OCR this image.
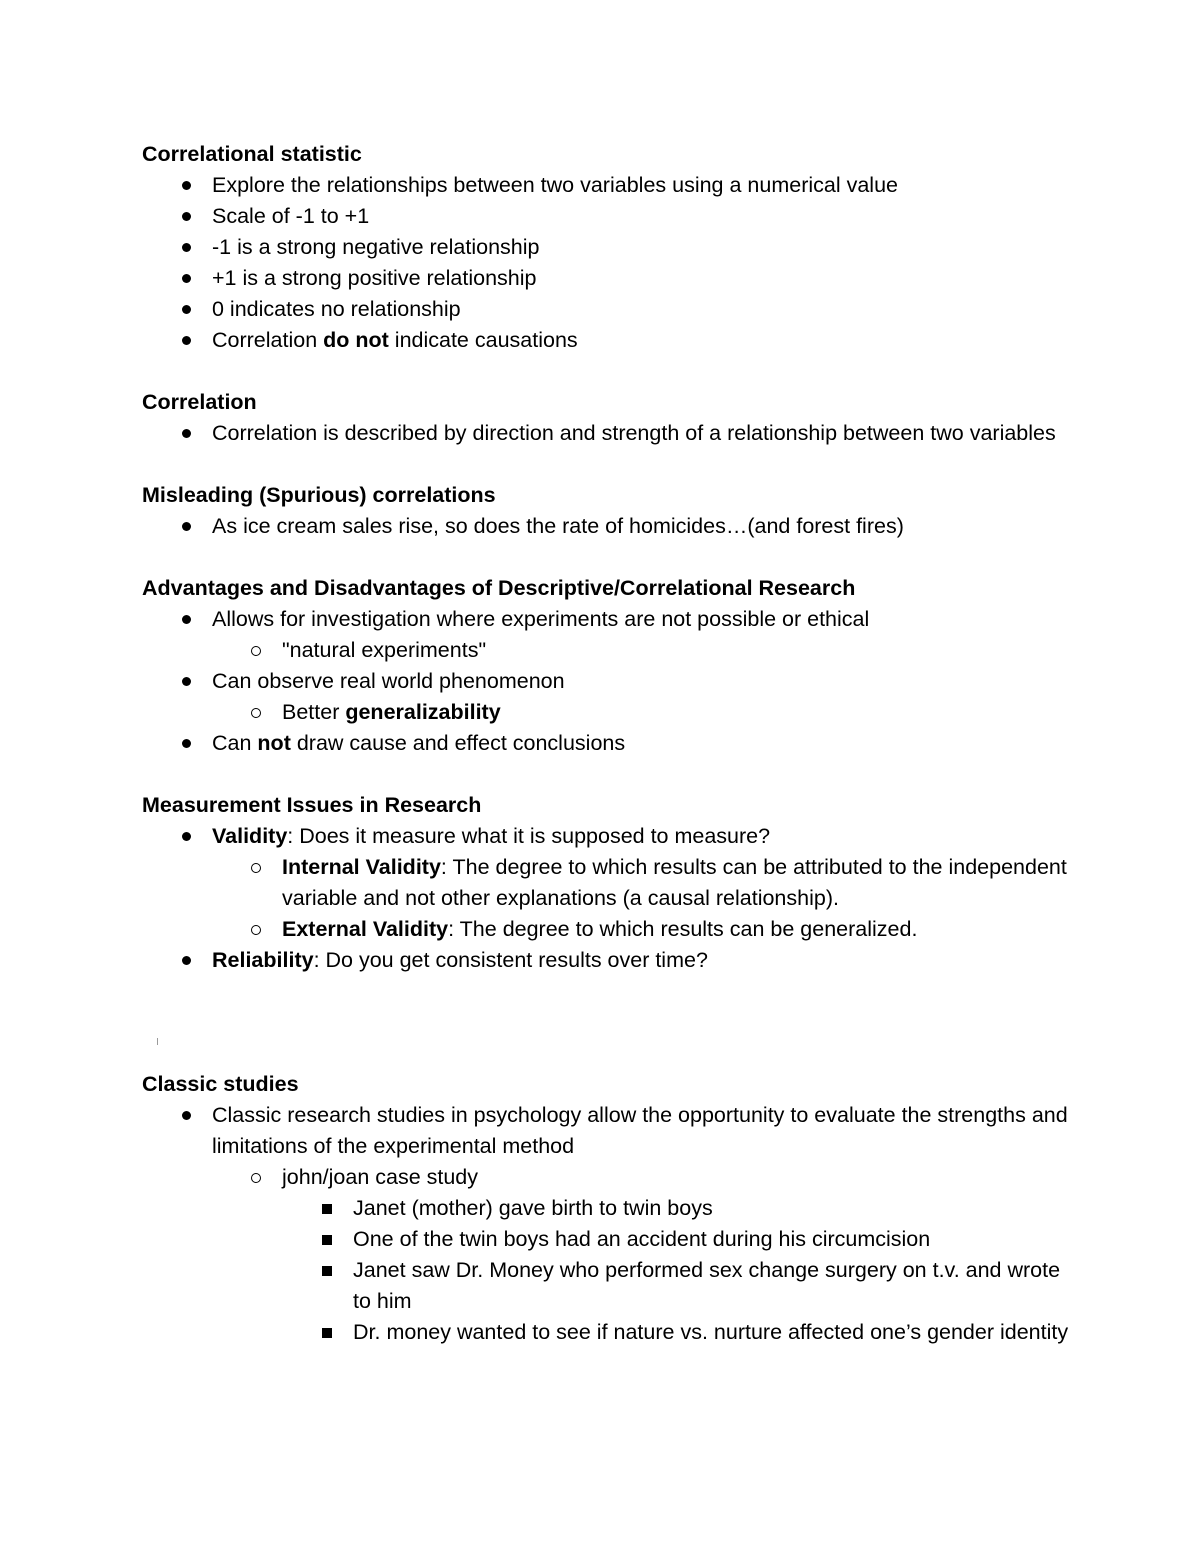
Correlational statistic
Explore the relationships between two variables using a numerical value
Scale of -1 to +1
-1 is a strong negative relationship
+1 is a strong positive relationship
0 indicates no relationship
Correlation do not indicate causations
Correlation
Correlation is described by direction and strength of a relationship between two variables
Misleading (Spurious) correlations
As ice cream sales rise, so does the rate of homicides…(and forest fires)
Advantages and Disadvantages of Descriptive/Correlational Research
Allows for investigation where experiments are not possible or ethical
"natural experiments"
Can observe real world phenomenon
Better generalizability
Can not draw cause and effect conclusions
Measurement Issues in Research
Validity: Does it measure what it is supposed to measure?
Internal Validity: The degree to which results can be attributed to the independent variable and not other explanations (a causal relationship).
External Validity: The degree to which results can be generalized.
Reliability: Do you get consistent results over time?
Classic studies
Classic research studies in psychology allow the opportunity to evaluate the strengths and limitations of the experimental method
john/joan case study
Janet (mother) gave birth to twin boys
One of the twin boys had an accident during his circumcision
Janet saw Dr. Money who performed sex change surgery on t.v. and wrote to him
Dr. money wanted to see if nature vs. nurture affected one’s gender identity
